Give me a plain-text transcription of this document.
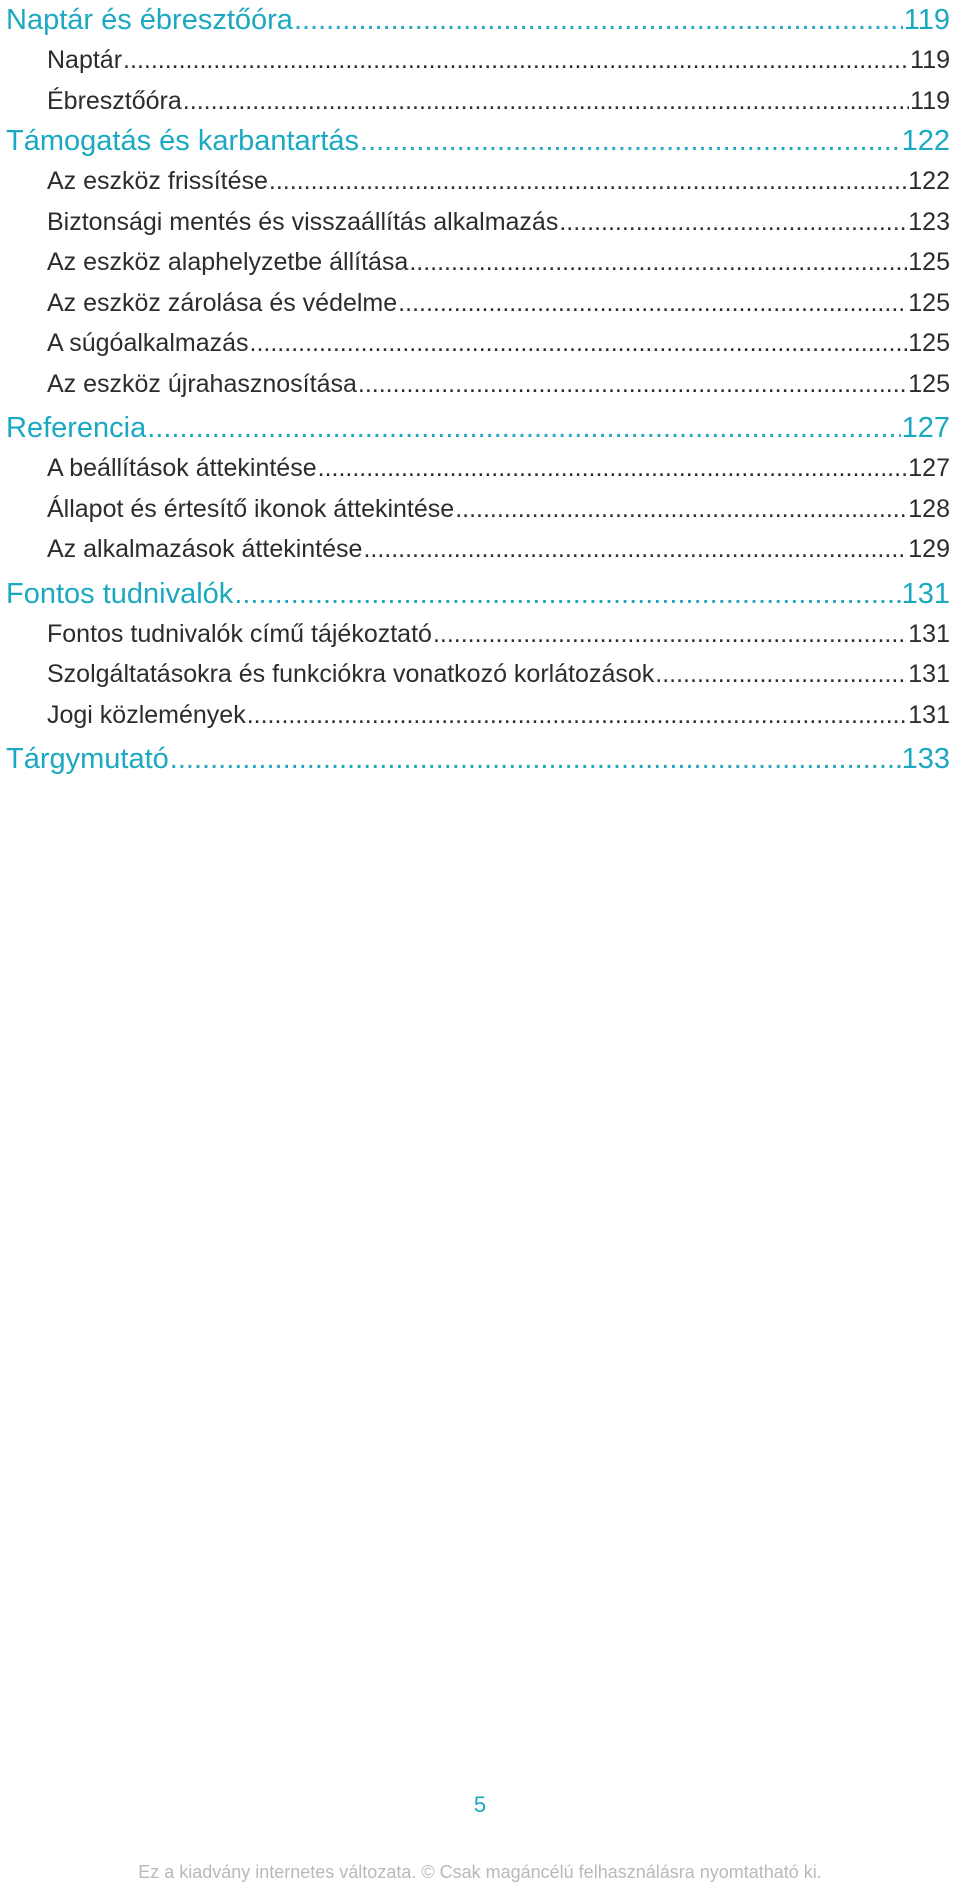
Naptár és ébresztőóra .....	119
Naptár .....	119
Ébresztőóra .....	119
Támogatás és karbantartás .....	122
Az eszköz frissítése .....	122
Biztonsági mentés és visszaállítás alkalmazás .....	123
Az eszköz alaphelyzetbe állítása .....	125
Az eszköz zárolása és védelme .....	125
A súgóalkalmazás .....	125
Az eszköz újrahasznosítása .....	125
Referencia .....	127
A beállítások áttekintése .....	127
Állapot és értesítő ikonok áttekintése .....	128
Az alkalmazások áttekintése .....	129
Fontos tudnivalók .....	131
Fontos tudnivalók című tájékoztató .....	131
Szolgáltatásokra és funkciókra vonatkozó korlátozások .....	131
Jogi közlemények .....	131
Tárgymutató .....	133
5
Ez a kiadvány internetes változata. © Csak magáncélú felhasználásra nyomtatható ki.
